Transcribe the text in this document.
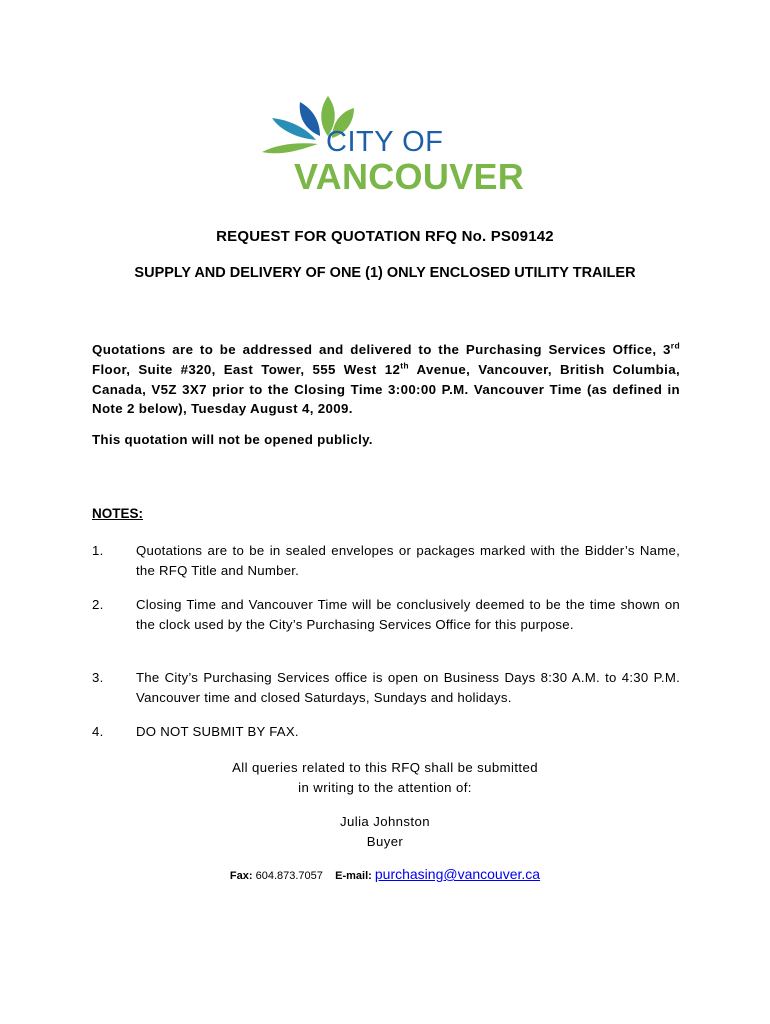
CITY OF
VANCOUVER
REQUEST FOR QUOTATION RFQ No. PS09142
SUPPLY AND DELIVERY OF ONE (1) ONLY ENCLOSED UTILITY TRAILER
Quotations are to be addressed and delivered to the Purchasing Services Office, 3rd Floor, Suite #320, East Tower, 555 West 12th Avenue, Vancouver, British Columbia, Canada, V5Z 3X7 prior to the Closing Time 3:00:00 P.M. Vancouver Time (as defined in Note 2 below), Tuesday August 4, 2009.
This quotation will not be opened publicly.
NOTES:
1. Quotations are to be in sealed envelopes or packages marked with the Bidder’s Name, the RFQ Title and Number.
2. Closing Time and Vancouver Time will be conclusively deemed to be the time shown on the clock used by the City’s Purchasing Services Office for this purpose.
3. The City’s Purchasing Services office is open on Business Days 8:30 A.M. to 4:30 P.M. Vancouver time and closed Saturdays, Sundays and holidays.
4. DO NOT SUBMIT BY FAX.
All queries related to this RFQ shall be submitted
in writing to the attention of:
Julia Johnston
Buyer
Fax: 604.873.7057 E-mail: purchasing@vancouver.ca
